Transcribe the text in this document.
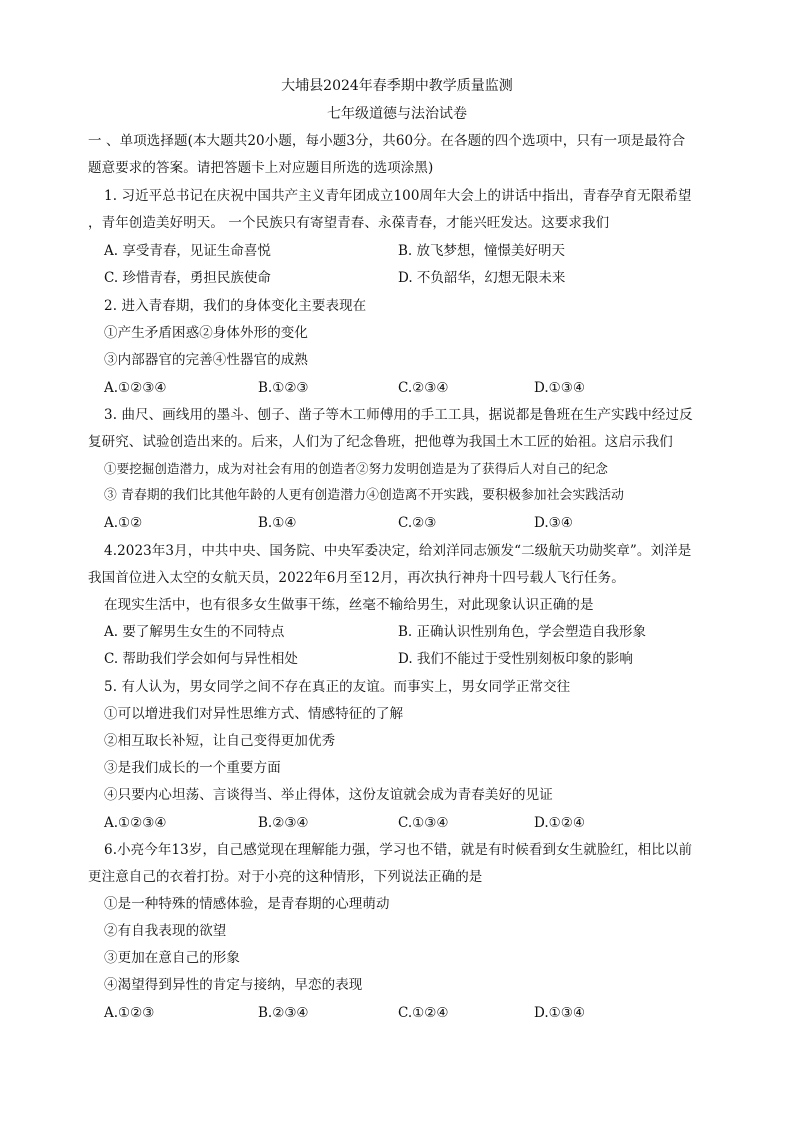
大埔县2024年春季期中教学质量监测
七年级道德与法治试卷
一 、单项选择题(本大题共20小题，每小题3分，共60分。在各题的四个选项中，只有一项是最符合
题意要求的答案。请把答题卡上对应题目所选的选项涂黑)
1. 习近平总书记在庆祝中国共产主义青年团成立100周年大会上的讲话中指出，青春孕育无限希望
，青年创造美好明天。 一个民族只有寄望青春、永葆青春，才能兴旺发达。这要求我们
A. 享受青春，见证生命喜悦	B. 放飞梦想，憧憬美好明天
C. 珍惜青春，勇担民族使命	D. 不负韶华，幻想无限未来
2. 进入青春期，我们的身体变化主要表现在
①产生矛盾困惑②身体外形的变化
③内部器官的完善④性器官的成熟
A.①②③④	B.①②③	C.②③④	D.①③④
3. 曲尺、画线用的墨斗、刨子、凿子等木工师傅用的手工工具，据说都是鲁班在生产实践中经过反
复研究、试验创造出来的。后来，人们为了纪念鲁班，把他尊为我国土木工匠的始祖。这启示我们
①要挖掘创造潜力，成为对社会有用的创造者②努力发明创造是为了获得后人对自己的纪念
③ 青春期的我们比其他年龄的人更有创造潜力④创造离不开实践，要积极参加社会实践活动
A.①②	B.①④	C.②③	D.③④
4.2023年3月，中共中央、国务院、中央军委决定，给刘洋同志颁发“二级航天功勋奖章”。刘洋是
我国首位进入太空的女航天员，2022年6月至12月，再次执行神舟十四号载人飞行任务。
在现实生活中，也有很多女生做事干练，丝毫不输给男生，对此现象认识正确的是
A. 要了解男生女生的不同特点	B. 正确认识性别角色，学会塑造自我形象
C. 帮助我们学会如何与异性相处	D. 我们不能过于受性别刻板印象的影响
5. 有人认为，男女同学之间不存在真正的友谊。而事实上，男女同学正常交往
①可以增进我们对异性思维方式、情感特征的了解
②相互取长补短，让自己变得更加优秀
③是我们成长的一个重要方面
④只要内心坦荡、言谈得当、举止得体，这份友谊就会成为青春美好的见证
A.①②③④	B.②③④	C.①③④	D.①②④
6.小亮今年13岁，自己感觉现在理解能力强，学习也不错，就是有时候看到女生就脸红，相比以前
更注意自己的衣着打扮。对于小亮的这种情形，下列说法正确的是
①是一种特殊的情感体验，是青春期的心理萌动
②有自我表现的欲望
③更加在意自己的形象
④渴望得到异性的肯定与接纳，早恋的表现
A.①②③	B.②③④	C.①②④	D.①③④
